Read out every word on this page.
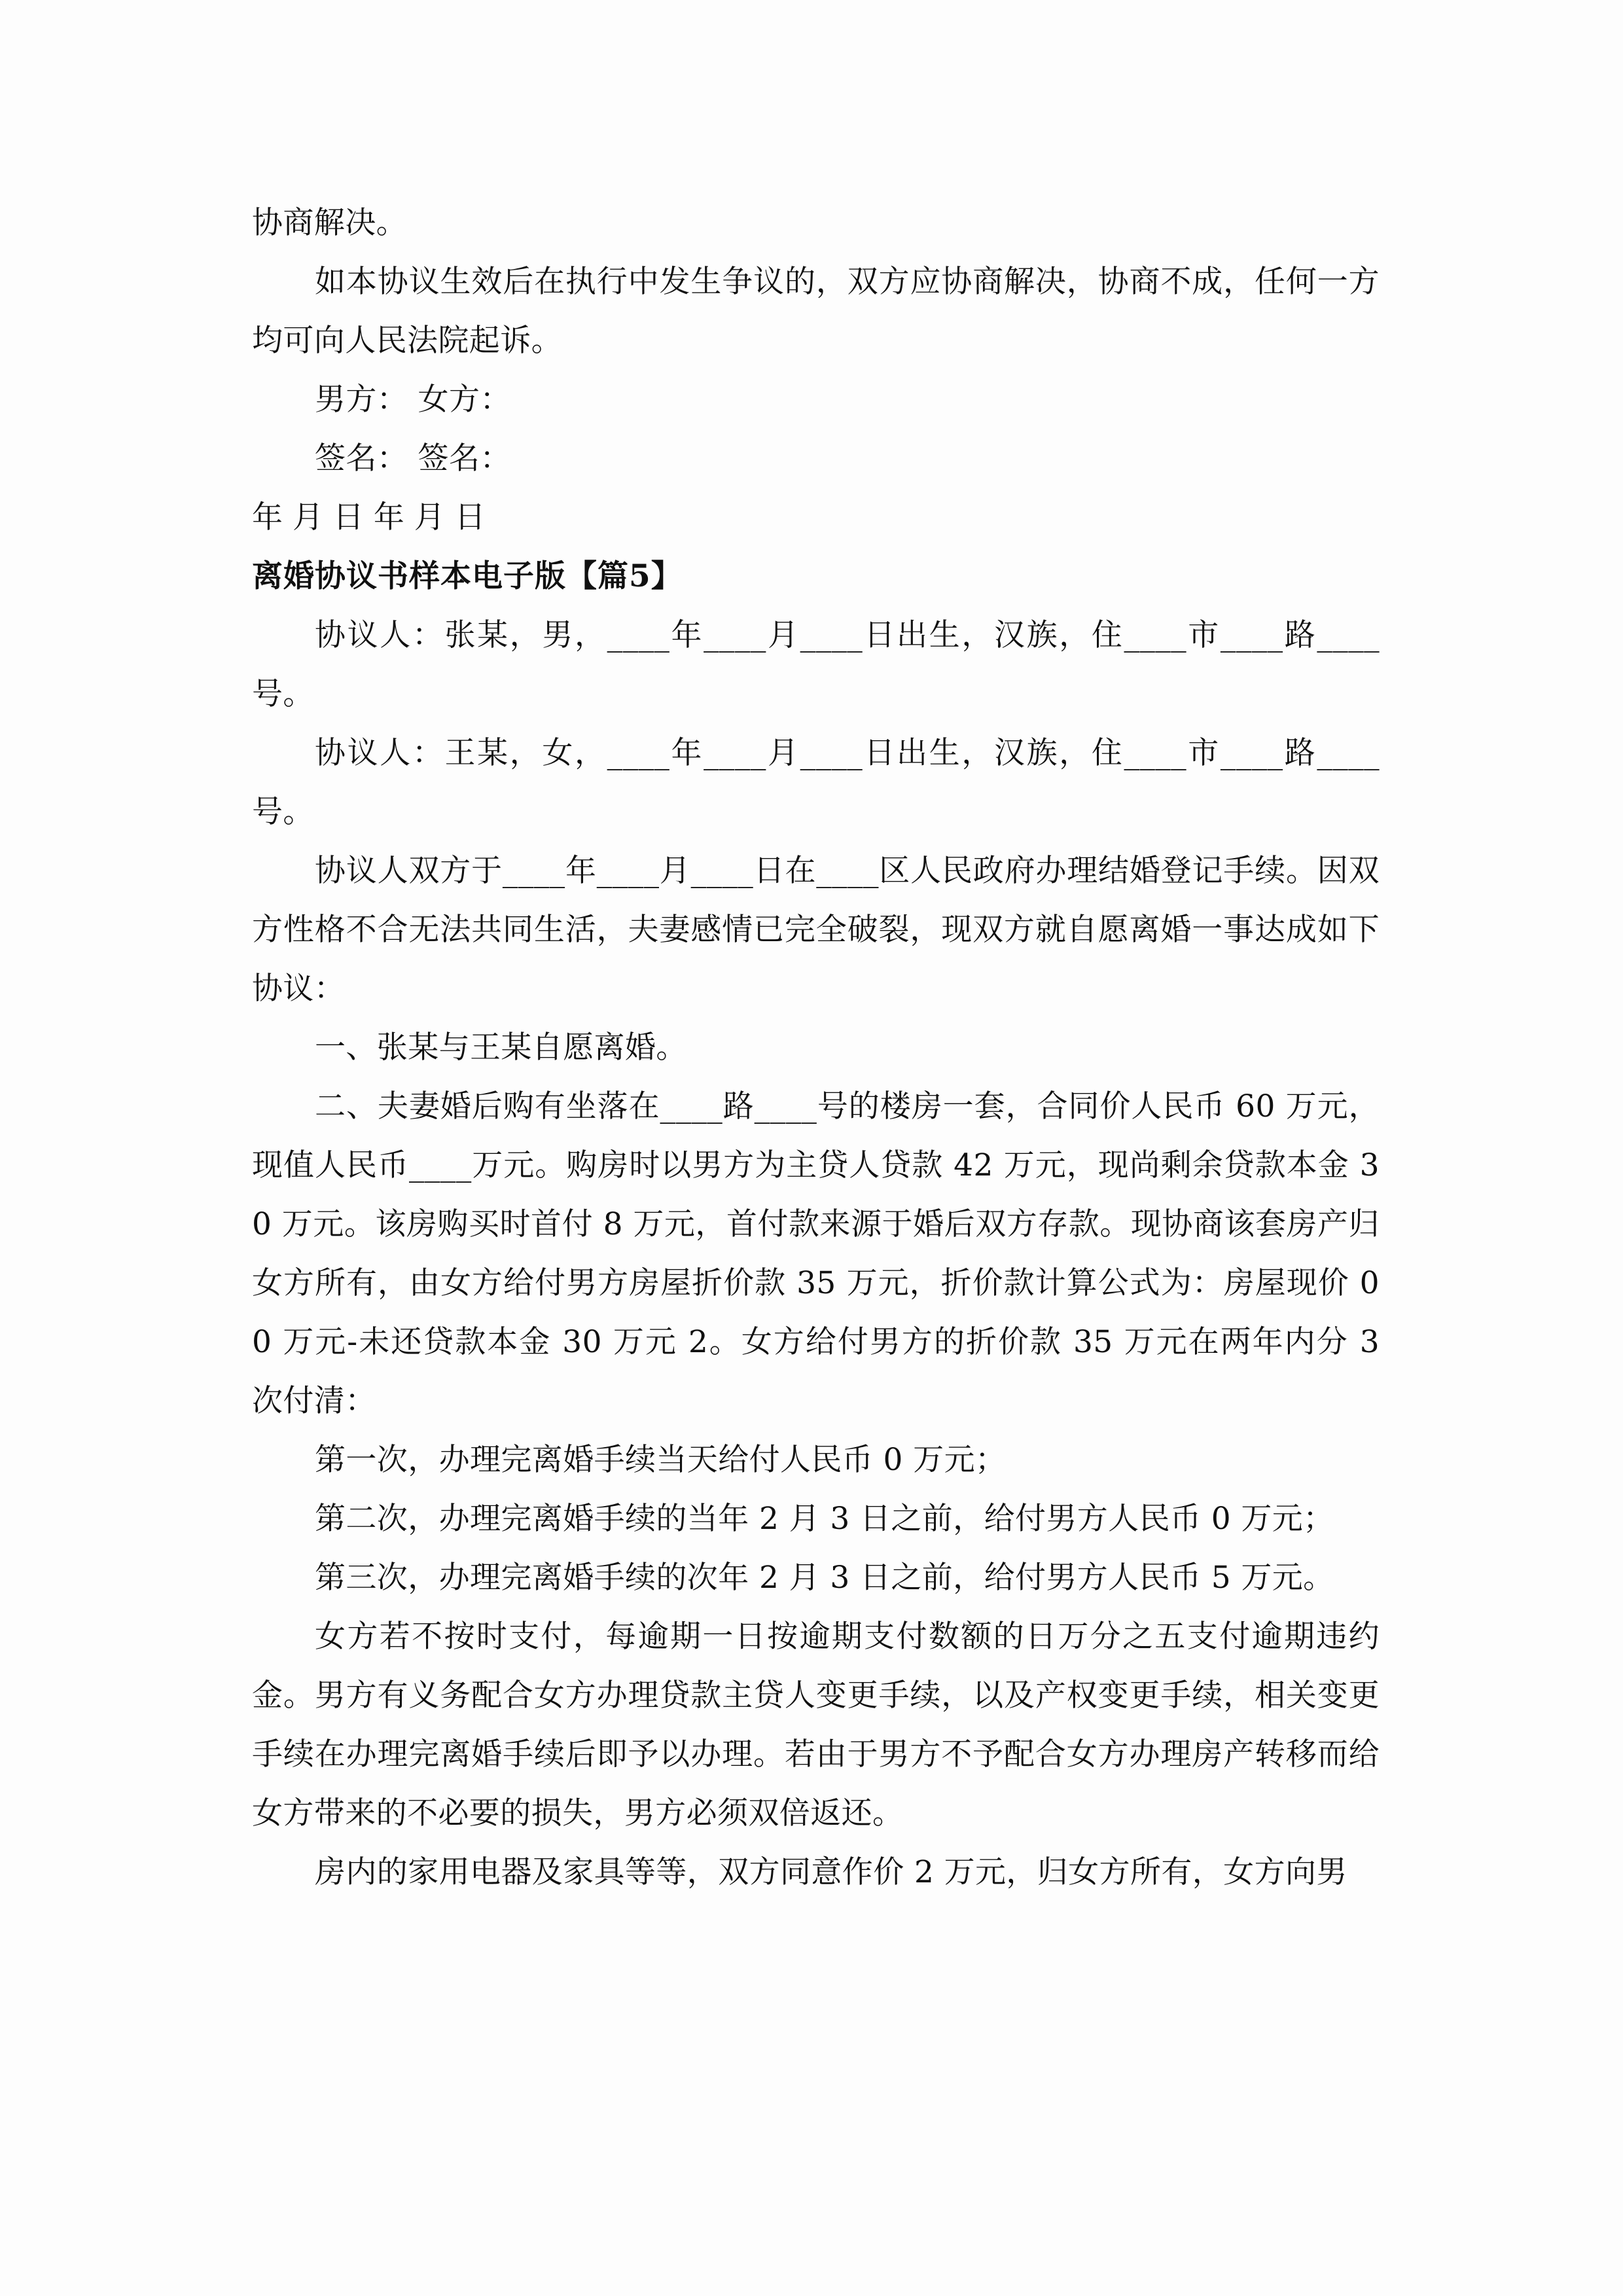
协商解决。

如本协议生效后在执行中发生争议的，双方应协商解决，协商不成，任何一方均可向人民法院起诉。

男方： 女方：

签名： 签名：

年 月 日 年 月 日

离婚协议书样本电子版【篇5】

协议人：张某，男，____年____月____日出生，汉族，住____市____路____号。

协议人：王某，女，____年____月____日出生，汉族，住____市____路____号。

协议人双方于____年____月____日在____区人民政府办理结婚登记手续。因双方性格不合无法共同生活，夫妻感情已完全破裂，现双方就自愿离婚一事达成如下协议：

一、张某与王某自愿离婚。

二、夫妻婚后购有坐落在____路____号的楼房一套，合同价人民币 60 万元，现值人民币____万元。购房时以男方为主贷人贷款 42 万元，现尚剩余贷款本金 30 万元。该房购买时首付 8 万元，首付款来源于婚后双方存款。现协商该套房产归女方所有，由女方给付男方房屋折价款 35 万元，折价款计算公式为：房屋现价 00 万元-未还贷款本金 30 万元 2。女方给付男方的折价款 35 万元在两年内分 3 次付清：

第一次，办理完离婚手续当天给付人民币 0 万元；

第二次，办理完离婚手续的当年 2 月 3 日之前，给付男方人民币 0 万元；

第三次，办理完离婚手续的次年 2 月 3 日之前，给付男方人民币 5 万元。

女方若不按时支付，每逾期一日按逾期支付数额的日万分之五支付逾期违约金。男方有义务配合女方办理贷款主贷人变更手续，以及产权变更手续，相关变更手续在办理完离婚手续后即予以办理。若由于男方不予配合女方办理房产转移而给女方带来的不必要的损失，男方必须双倍返还。

房内的家用电器及家具等等，双方同意作价 2 万元，归女方所有，女方向男
